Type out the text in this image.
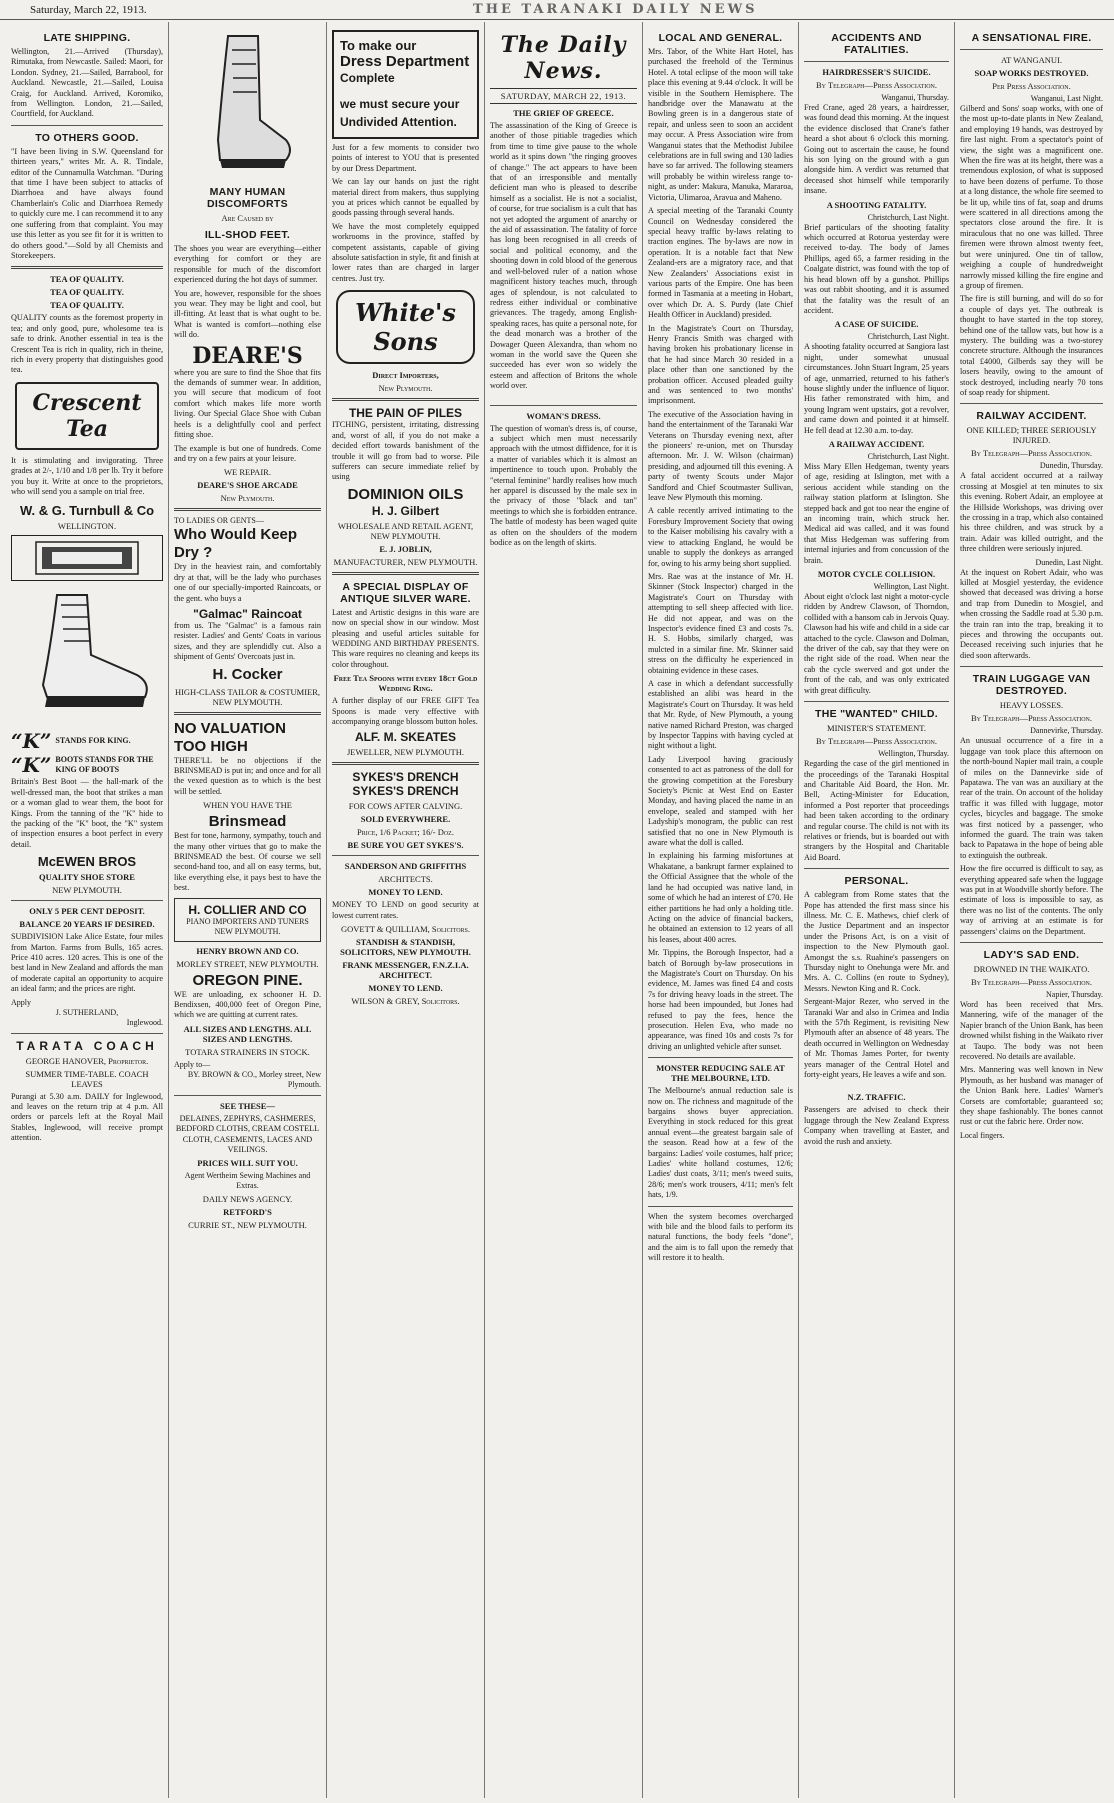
Saturday, March 22, 1913.	THE TARANAKI DAILY NEWS
LATE SHIPPING.
Wellington, 21.—Arrived (Thursday), Rimutaka, from Newcastle. Sailed: Maori, for London. Sydney, 21.—Sailed, Barrabool, for Auckland. Newcastle, 21.—Sailed, Louisa Craig, for Auckland. Arrived, Koromiko, from Wellington. London, 21.—Sailed, Courtfield, for Auckland.
TO OTHERS GOOD.
"I have been living in S.W. Queensland for thirteen years," writes Mr. A. R. Tindale, editor of the Cunnamulla Watchman. "During that time I have been subject to attacks of Diarrhoea and have always found Chamberlain's Colic and Diarrhoea Remedy to quickly cure me. I can recommend it to any one suffering from that complaint. You may use this letter as you see fit for it is written to do others good."—Sold by all Chemists and Storekeepers.
TEA OF QUALITY.
TEA OF QUALITY.
TEA OF QUALITY.
QUALITY counts as the foremost property in tea; and only good, pure, wholesome tea is safe to drink. Another essential in tea is the Crescent Tea is rich in quality, rich in theine, rich in every property that distinguishes good tea.
Crescent Tea
It is stimulating and invigorating. Three grades at 2/-, 1/10 and 1/8 per lb. Try it before you buy it. Write at once to the proprietors, who will send you a sample on trial free.
W. & G. Turnbull & Co
WELLINGTON.
“K” STANDS FOR KING.
“K” BOOTS STANDS FOR THE KING OF BOOTS
Britain's Best Boot — the hall-mark of the well-dressed man, the boot that strikes a man or a woman glad to wear them, the boot for Kings. From the tanning of the "K" hide to the packing of the "K" boot, the "K" system of inspection ensures a boot perfect in every detail.
McEWEN BROS
QUALITY SHOE STORE
NEW PLYMOUTH.
ONLY 5 PER CENT DEPOSIT.
BALANCE 20 YEARS IF DESIRED.
SUBDIVISION Lake Alice Estate, four miles from Marton. Farms from Bulls, 165 acres. Price 410 acres. 120 acres. This is one of the best land in New Zealand and affords the man of moderate capital an opportunity to acquire an ideal farm; and the prices are right.
Apply
J. SUTHERLAND,
Inglewood.
TARATA COACH
GEORGE HANOVER, Proprietor.
SUMMER TIME-TABLE. COACH LEAVES
Purangi at 5.30 a.m. DAILY for Inglewood, and leaves on the return trip at 4 p.m. All orders or parcels left at the Royal Mail Stables, Inglewood, will receive prompt attention.
MANY HUMAN DISCOMFORTS
Are Caused by
ILL-SHOD FEET.
The shoes you wear are everything—either everything for comfort or they are responsible for much of the discomfort experienced during the hot days of summer.
You are, however, responsible for the shoes you wear. They may be light and cool, but ill-fitting. At least that is what ought to be. What is wanted is comfort—nothing else will do.
DEARE'S
where you are sure to find the Shoe that fits the demands of summer wear. In addition, you will secure that modicum of foot comfort which makes life more worth living. Our Special Glace Shoe with Cuban heels is a delightfully cool and perfect fitting shoe.
The example is but one of hundreds. Come and try on a few pairs at your leisure.
WE REPAIR.
DEARE'S SHOE ARCADE
New Plymouth.
TO LADIES OR GENTS—
Who Would Keep Dry ?
Dry in the heaviest rain, and comfortably dry at that, will be the lady who purchases one of our specially-imported Raincoats, or the gent. who buys a
"Galmac" Raincoat
from us. The "Galmac" is a famous rain resister. Ladies' and Gents' Coats in various sizes, and they are splendidly cut. Also a shipment of Gents' Overcoats just in.
H. Cocker
HIGH-CLASS TAILOR & COSTUMIER, NEW PLYMOUTH.
NO VALUATION TOO HIGH
THERE'LL be no objections if the BRINSMEAD is put in; and once and for all the vexed question as to which is the best will be settled.
WHEN YOU HAVE THE
Brinsmead
Best for tone, harmony, sympathy, touch and the many other virtues that go to make the BRINSMEAD the best. Of course we sell second-hand too, and all on easy terms, but, like everything else, it pays best to have the best.
H. COLLIER AND CO
PIANO IMPORTERS AND TUNERS NEW PLYMOUTH.
HENRY BROWN AND CO.
MORLEY STREET, NEW PLYMOUTH.
OREGON PINE.
WE are unloading, ex schooner H. D. Bendixsen, 400,000 feet of Oregon Pine, which we are quitting at current rates.
ALL SIZES AND LENGTHS. ALL SIZES AND LENGTHS.
TOTARA STRAINERS IN STOCK.
Apply to—
BY. BROWN & CO., Morley street, New Plymouth.
SEE THESE—
DELAINES, ZEPHYRS, CASHMERES, BEDFORD CLOTHS, CREAM COSTELL CLOTH, CASEMENTS, LACES AND VEILINGS.
PRICES WILL SUIT YOU.
Agent Wertheim Sewing Machines and Extras.
DAILY NEWS AGENCY.
RETFORD'S
CURRIE ST., NEW PLYMOUTH.
To make our
Dress Department
Complete
we must secure your Undivided Attention.
Just for a few moments to consider two points of interest to YOU that is presented by our Dress Department.
We can lay our hands on just the right material direct from makers, thus supplying you at prices which cannot be equalled by goods passing through several hands.
We have the most completely equipped workrooms in the province, staffed by competent assistants, capable of giving absolute satisfaction in style, fit and finish at lower rates than are charged in larger centres. Just try.
White's Sons
Direct Importers,
New Plymouth.
THE PAIN OF PILES
ITCHING, persistent, irritating, distressing and, worst of all, if you do not make a decided effort towards banishment of the trouble it will go from bad to worse. Pile sufferers can secure immediate relief by using
DOMINION OILS
H. J. Gilbert
WHOLESALE AND RETAIL AGENT, NEW PLYMOUTH.
E. J. JOBLIN,
MANUFACTURER, NEW PLYMOUTH.
A SPECIAL DISPLAY OF ANTIQUE SILVER WARE.
Latest and Artistic designs in this ware are now on special show in our window. Most pleasing and useful articles suitable for WEDDING AND BIRTHDAY PRESENTS. This ware requires no cleaning and keeps its color throughout.
Free Tea Spoons with every 18ct Gold Wedding Ring.
A further display of our FREE GIFT Tea Spoons is made very effective with accompanying orange blossom button holes.
ALF. M. SKEATES
JEWELLER, NEW PLYMOUTH.
SYKES'S DRENCH
SYKES'S DRENCH
FOR COWS AFTER CALVING.
SOLD EVERYWHERE.
Price, 1/6 Packet; 16/- Doz.
BE SURE YOU GET SYKES'S.
SANDERSON AND GRIFFITHS
ARCHITECTS.
MONEY TO LEND.
MONEY TO LEND on good security at lowest current rates.
GOVETT & QUILLIAM, Solicitors.
STANDISH & STANDISH, SOLICITORS, NEW PLYMOUTH.
FRANK MESSENGER, F.N.Z.I.A. ARCHITECT.
MONEY TO LEND.
WILSON & GREY, Solicitors.
The Daily News.
SATURDAY, MARCH 22, 1913.
THE GRIEF OF GREECE.
The assassination of the King of Greece is another of those pitiable tragedies which from time to time give pause to the whole world as it spins down "the ringing grooves of change." The act appears to have been that of an irresponsible and mentally deficient man who is pleased to describe himself as a socialist. He is not a socialist, of course, for true socialism is a cult that has not yet adopted the argument of anarchy or the aid of assassination. The fatality of force has long been recognised in all creeds of social and political economy, and the shooting down in cold blood of the generous and well-beloved ruler of a nation whose magnificent history teaches much, through ages of splendour, is not calculated to redress either individual or combinative grievances. The tragedy, among English-speaking races, has quite a personal note, for the dead monarch was a brother of the Dowager Queen Alexandra, than whom no woman in the world save the Queen she succeeded has ever won so widely the esteem and affection of Britons the whole world over.
WOMAN'S DRESS.
The question of woman's dress is, of course, a subject which men must necessarily approach with the utmost diffidence, for it is a matter of variables which it is almost an impertinence to touch upon. Probably the "eternal feminine" hardly realises how much her apparel is discussed by the male sex in the privacy of those "black and tan" meetings to which she is forbidden entrance. The battle of modesty has been waged quite as often on the shoulders of the modern bodice as on the length of skirts.
LOCAL AND GENERAL.
Mrs. Tabor, of the White Hart Hotel, has purchased the freehold of the Terminus Hotel. A total eclipse of the moon will take place this evening at 9.44 o'clock. It will be visible in the Southern Hemisphere. The handbridge over the Manawatu at the Bowling green is in a dangerous state of repair, and unless seen to soon an accident may occur. A Press Association wire from Wanganui states that the Methodist Jubilee celebrations are in full swing and 130 ladies have so far arrived. The following steamers will probably be within wireless range to-night, as under: Makura, Manuka, Mararoa, Victoria, Ulimaroa, Aravua and Maheno.
A special meeting of the Taranaki County Council on Wednesday considered the special heavy traffic by-laws relating to traction engines. The by-laws are now in operation. It is a notable fact that New Zealand-ers are a migratory race, and that New Zealanders' Associations exist in various parts of the Empire. One has been formed in Tasmania at a meeting in Hobart, over which Dr. A. S. Purdy (late Chief Health Officer in Auckland) presided.
In the Magistrate's Court on Thursday, Henry Francis Smith was charged with having broken his probationary license in that he had since March 30 resided in a place other than one sanctioned by the probation officer. Accused pleaded guilty and was sentenced to two months' imprisonment.
The executive of the Association having in hand the entertainment of the Taranaki War Veterans on Thursday evening next, after the pioneers' re-union, met on Thursday afternoon. Mr. J. W. Wilson (chairman) presiding, and adjourned till this evening. A party of twenty Scouts under Major Sandford and Chief Scoutmaster Sullivan, leave New Plymouth this morning.
A cable recently arrived intimating to the Foresbury Improvement Society that owing to the Kaiser mobilising his cavalry with a view to attacking England, he would be unable to supply the donkeys as arranged for, owing to his army being short supplied.
Mrs. Rae was at the instance of Mr. H. Skinner (Stock Inspector) charged in the Magistrate's Court on Thursday with attempting to sell sheep affected with lice. He did not appear, and was on the Inspector's evidence fined £3 and costs 7s. H. S. Hobbs, similarly charged, was mulcted in a similar fine. Mr. Skinner said stress on the difficulty he experienced in obtaining evidence in these cases.
A case in which a defendant successfully established an alibi was heard in the Magistrate's Court on Thursday. It was held that Mr. Ryde, of New Plymouth, a young native named Richard Preston, was charged by Inspector Tappins with having cycled at night without a light.
Lady Liverpool having graciously consented to act as patroness of the doll for the growing competition at the Foresbury Society's Picnic at West End on Easter Monday, and having placed the name in an envelope, sealed and stamped with her Ladyship's monogram, the public can rest satisfied that no one in New Plymouth is aware what the doll is called.
In explaining his farming misfortunes at Whakatane, a bankrupt farmer explained to the Official Assignee that the whole of the land he had occupied was native land, in some of which he had an interest of £70. He either partitions he had only a holding title. Acting on the advice of financial backers, he obtained an extension to 12 years of all his leases, about 400 acres.
Mr. Tippins, the Borough Inspector, had a batch of Borough by-law prosecutions in the Magistrate's Court on Thursday. On his evidence, M. James was fined £4 and costs 7s for driving heavy loads in the street. The horse had been impounded, but Jones had refused to pay the fees, hence the prosecution. Helen Eva, who made no appearance, was fined 10s and costs 7s for driving an unlighted vehicle after sunset.
MONSTER REDUCING SALE AT THE MELBOURNE, LTD.
The Melbourne's annual reduction sale is now on. The richness and magnitude of the bargains shows buyer appreciation. Everything in stock reduced for this great annual event—the greatest bargain sale of the season. Read how at a few of the bargains: Ladies' voile costumes, half price; Ladies' white holland costumes, 12/6; Ladies' dust coats, 3/11; men's tweed suits, 28/6; men's work trousers, 4/11; men's felt hats, 1/9.
When the system becomes overcharged with bile and the blood fails to perform its natural functions, the body feels "done", and the aim is to fall upon the remedy that will restore it to health.
ACCIDENTS AND FATALITIES.
HAIRDRESSER'S SUICIDE.
By Telegraph—Press Association.
Wanganui, Thursday.
Fred Crane, aged 28 years, a hairdresser, was found dead this morning. At the inquest the evidence disclosed that Crane's father heard a shot about 6 o'clock this morning. Going out to ascertain the cause, he found his son lying on the ground with a gun alongside him. A verdict was returned that deceased shot himself while temporarily insane.
A SHOOTING FATALITY.
Christchurch, Last Night.
Brief particulars of the shooting fatality which occurred at Rotorua yesterday were received to-day. The body of James Phillips, aged 65, a farmer residing in the Coalgate district, was found with the top of his head blown off by a gunshot. Phillips was out rabbit shooting, and it is assumed that the fatality was the result of an accident.
A CASE OF SUICIDE.
Christchurch, Last Night.
A shooting fatality occurred at Sangiora last night, under somewhat unusual circumstances. John Stuart Ingram, 25 years of age, unmarried, returned to his father's house slightly under the influence of liquor. His father remonstrated with him, and young Ingram went upstairs, got a revolver, and came down and pointed it at himself. He fell dead at 12.30 a.m. to-day.
A RAILWAY ACCIDENT.
Christchurch, Last Night.
Miss Mary Ellen Hedgeman, twenty years of age, residing at Islington, met with a serious accident while standing on the railway station platform at Islington. She stepped back and got too near the engine of an incoming train, which struck her. Medical aid was called, and it was found that Miss Hedgeman was suffering from internal injuries and from concussion of the brain.
MOTOR CYCLE COLLISION.
Wellington, Last Night.
About eight o'clock last night a motor-cycle ridden by Andrew Clawson, of Thorndon, collided with a hansom cab in Jervois Quay. Clawson had his wife and child in a side car attached to the cycle. Clawson and Dolman, the driver of the cab, say that they were on the right side of the road. When near the cab the cycle swerved and got under the front of the cab, and was only extricated with great difficulty.
THE "WANTED" CHILD.
MINISTER'S STATEMENT.
By Telegraph—Press Association.
Wellington, Thursday.
Regarding the case of the girl mentioned in the proceedings of the Taranaki Hospital and Charitable Aid Board, the Hon. Mr. Bell, Acting-Minister for Education, informed a Post reporter that proceedings had been taken according to the ordinary and regular course. The child is not with its relatives or friends, but is boarded out with strangers by the Hospital and Charitable Aid Board.
PERSONAL.
A cablegram from Rome states that the Pope has attended the first mass since his illness. Mr. C. E. Mathews, chief clerk of the Justice Department and an inspector under the Prisons Act, is on a visit of inspection to the New Plymouth gaol. Amongst the s.s. Ruahine's passengers on Thursday night to Onehunga were Mr. and Mrs. A. C. Collins (en route to Sydney), Messrs. Newton King and R. Cock.
Sergeant-Major Rezer, who served in the Taranaki War and also in Crimea and India with the 57th Regiment, is revisiting New Plymouth after an absence of 48 years. The death occurred in Wellington on Wednesday of Mr. Thomas James Porter, for twenty years manager of the Central Hotel and forty-eight years, He leaves a wife and son.
N.Z. TRAFFIC.
Passengers are advised to check their luggage through the New Zealand Express Company when travelling at Easter, and avoid the rush and anxiety.
A SENSATIONAL FIRE.
AT WANGANUI.
SOAP WORKS DESTROYED.
Per Press Association.
Wanganui, Last Night.
Gilberd and Sons' soap works, with one of the most up-to-date plants in New Zealand, and employing 19 hands, was destroyed by fire last night. From a spectator's point of view, the sight was a magnificent one. When the fire was at its height, there was a tremendous explosion, of what is supposed to have been dozens of perfume. To those at a long distance, the whole fire seemed to be lit up, while tins of fat, soap and drums were scattered in all directions among the spectators close around the fire. It is miraculous that no one was killed. Three firemen were thrown almost twenty feet, but were uninjured. One tin of tallow, weighing a couple of hundredweight narrowly missed killing the fire engine and a group of firemen.
The fire is still burning, and will do so for a couple of days yet. The outbreak is thought to have started in the top storey, behind one of the tallow vats, but how is a mystery. The building was a two-storey concrete structure. Although the insurances total £4000, Gilberds say they will be losers heavily, owing to the amount of stock destroyed, including nearly 70 tons of soap ready for shipment.
RAILWAY ACCIDENT.
ONE KILLED; THREE SERIOUSLY INJURED.
By Telegraph—Press Association.
Dunedin, Thursday.
A fatal accident occurred at a railway crossing at Mosgiel at ten minutes to six this evening. Robert Adair, an employee at the Hillside Workshops, was driving over the crossing in a trap, which also contained his three children, and was struck by a train. Adair was killed outright, and the three children were seriously injured.
Dunedin, Last Night.
At the inquest on Robert Adair, who was killed at Mosgiel yesterday, the evidence showed that deceased was driving a horse and trap from Dunedin to Mosgiel, and when crossing the Saddle road at 5.30 p.m. the train ran into the trap, breaking it to pieces and throwing the occupants out. Deceased receiving such injuries that he died soon afterwards.
TRAIN LUGGAGE VAN DESTROYED.
HEAVY LOSSES.
By Telegraph—Press Association.
Dannevirke, Thursday.
An unusual occurrence of a fire in a luggage van took place this afternoon on the north-bound Napier mail train, a couple of miles on the Dannevirke side of Papatawa. The van was an auxiliary at the rear of the train. On account of the holiday traffic it was filled with luggage, motor cycles, bicycles and baggage. The smoke was first noticed by a passenger, who informed the guard. The train was taken back to Papatawa in the hope of being able to extinguish the outbreak.
How the fire occurred is difficult to say, as everything appeared safe when the luggage was put in at Woodville shortly before. The estimate of loss is impossible to say, as there was no list of the contents. The only way of arriving at an estimate is for passengers' claims on the Department.
LADY'S SAD END.
DROWNED IN THE WAIKATO.
By Telegraph—Press Association.
Napier, Thursday.
Word has been received that Mrs. Mannering, wife of the manager of the Napier branch of the Union Bank, has been drowned whilst fishing in the Waikato river at Taupo. The body was not been recovered. No details are available.
Mrs. Mannering was well known in New Plymouth, as her husband was manager of the Union Bank here. Ladies' Warner's Corsets are comfortable; guaranteed so; they shape fashionably. The bones cannot rust or cut the fabric here. Order now.
Local fingers.
